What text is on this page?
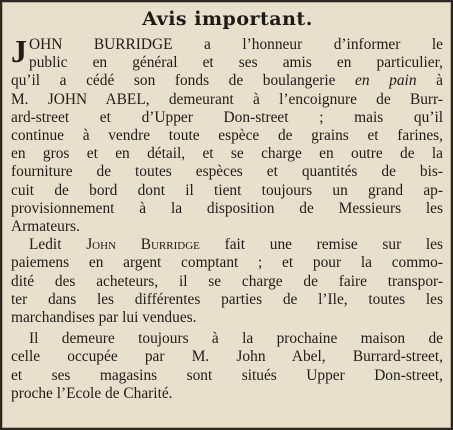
Avis important.
J OHN BURRIDGE a l’honneur d’informer le
public en général et ses amis en particulier,
qu’il a cédé son fonds de boulangerie en pain à
M. JOHN ABEL, demeurant à l’encoignure de Burr-
ard-street et d’Upper Don-street ; mais qu’il
continue à vendre toute espèce de grains et farines,
en gros et en détail, et se charge en outre de la
fourniture de toutes espèces et quantités de bis-
cuit de bord dont il tient toujours un grand ap-
provisionnement à la disposition de Messieurs les
Armateurs.
Ledit John Burridge fait une remise sur les
paiemens en argent comptant ; et pour la commo-
dité des acheteurs, il se charge de faire transpor-
ter dans les différentes parties de l’Ile, toutes les
marchandises par lui vendues.
Il demeure toujours à la prochaine maison de
celle occupée par M. John Abel, Burrard-street,
et ses magasins sont situés Upper Don-street,
proche l’Ecole de Charité.
